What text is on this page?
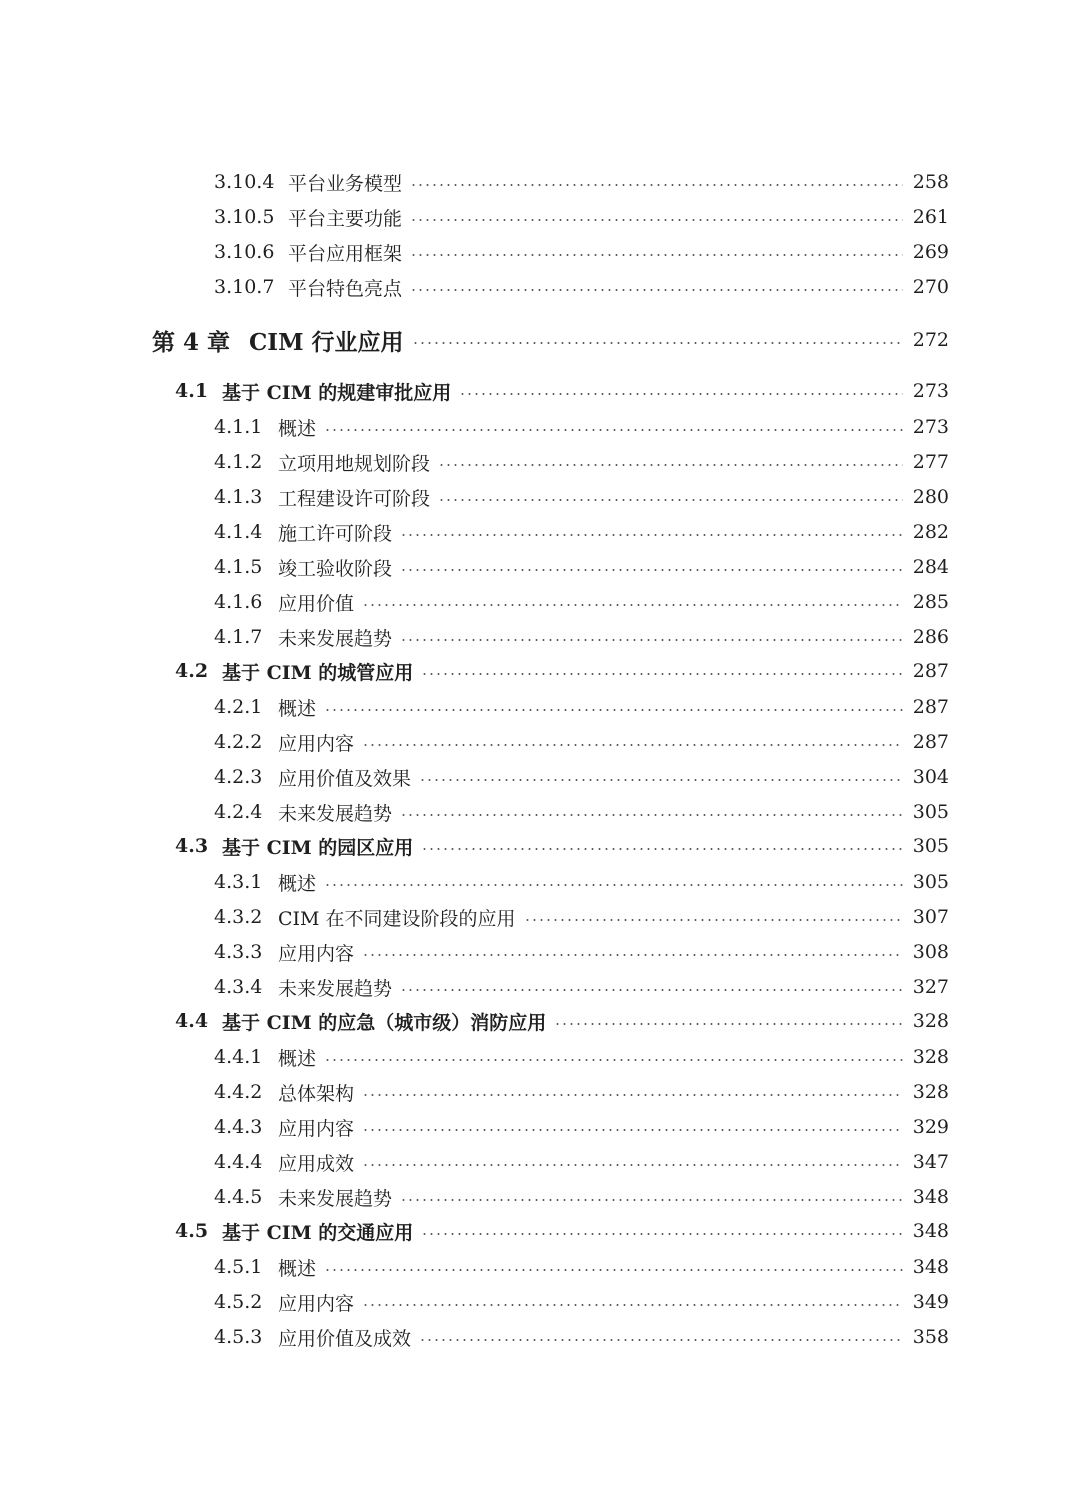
3.10.4 平台业务模型	258
3.10.5 平台主要功能	261
3.10.6 平台应用框架	269
3.10.7 平台特色亮点	270
第 4 章 CIM 行业应用	272
4.1 基于 CIM 的规建审批应用	273
4.1.1 概述	273
4.1.2 立项用地规划阶段	277
4.1.3 工程建设许可阶段	280
4.1.4 施工许可阶段	282
4.1.5 竣工验收阶段	284
4.1.6 应用价值	285
4.1.7 未来发展趋势	286
4.2 基于 CIM 的城管应用	287
4.2.1 概述	287
4.2.2 应用内容	287
4.2.3 应用价值及效果	304
4.2.4 未来发展趋势	305
4.3 基于 CIM 的园区应用	305
4.3.1 概述	305
4.3.2 CIM 在不同建设阶段的应用	307
4.3.3 应用内容	308
4.3.4 未来发展趋势	327
4.4 基于 CIM 的应急（城市级）消防应用	328
4.4.1 概述	328
4.4.2 总体架构	328
4.4.3 应用内容	329
4.4.4 应用成效	347
4.4.5 未来发展趋势	348
4.5 基于 CIM 的交通应用	348
4.5.1 概述	348
4.5.2 应用内容	349
4.5.3 应用价值及成效	358
